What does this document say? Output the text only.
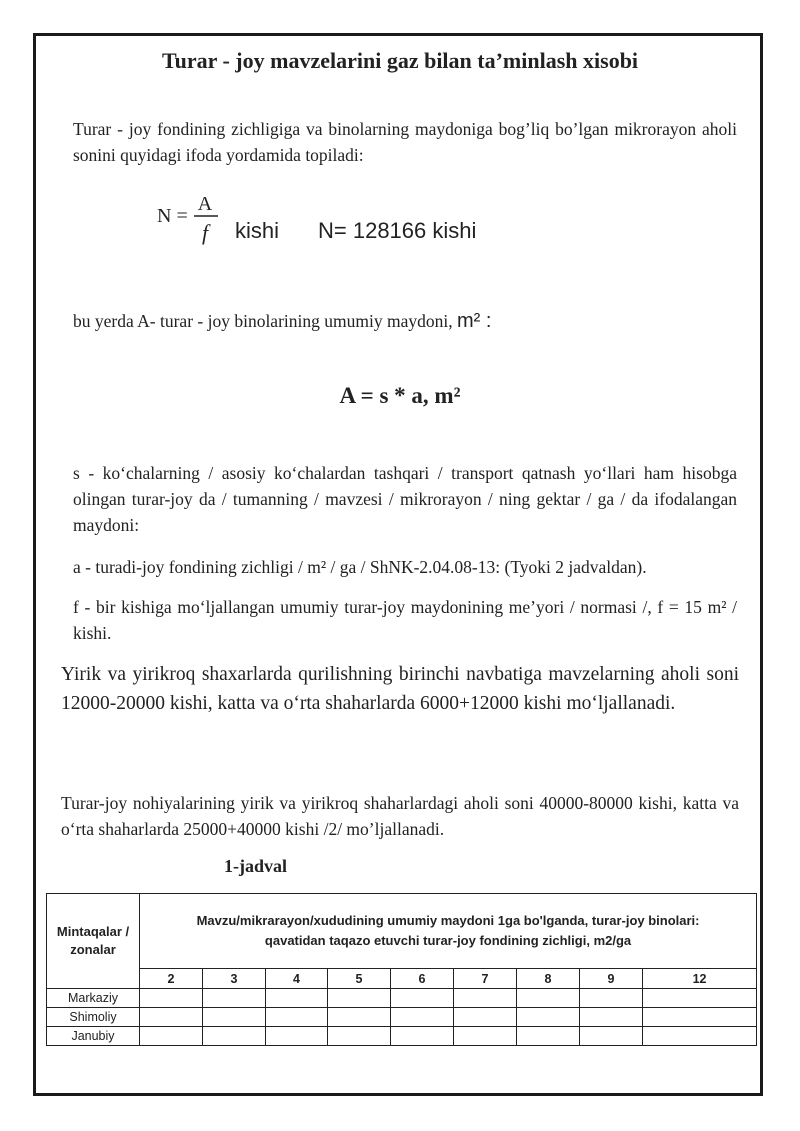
Turar - joy mavzelarini gaz bilan ta’minlash xisobi
Turar - joy fondining zichligiga va binolarning maydoniga bog’liq bo’lgan mikrorayon aholi sonini quyidagi ifoda yordamida topiladi:
N =
A
f kishi N= 128166 kishi
bu yerda A- turar - joy binolarining umumiy maydoni, m² :
A = s * a, m²
s - ko‘chalarning / asosiy ko‘chalardan tashqari / transport qatnash yo‘llari ham hisobga olingan turar-joy da / tumanning / mavzesi / mikrorayon / ning gektar / ga / da ifodalangan maydoni:
a - turadi-joy fondining zichligi / m² / ga / ShNK-2.04.08-13: (Tyoki 2 jadvaldan).
f - bir kishiga mo‘ljallangan umumiy turar-joy maydonining me’yori / normasi /, f = 15 m² / kishi.
Yirik va yirikroq shaxarlarda qurilishning birinchi navbatiga mavzelarning aholi soni 12000-20000 kishi, katta va o‘rta shaharlarda 6000+12000 kishi mo‘ljallanadi.
Turar-joy nohiyalarining yirik va yirikroq shaharlardagi aholi soni 40000-80000 kishi, katta va o‘rta shaharlarda 25000+40000 kishi /2/ mo’ljallanadi.
1-jadval
Mintaqalar / zonalar	Mavzu/mikrarayon/xududining umumiy maydoni 1ga bo'lganda, turar-joy binolari:
qavatidan taqazo etuvchi turar-joy fondining zichligi, m2/ga								

	2	3	4	5	6	7	8	9	12
Markaziy									
Shimoliy									
Janubiy									
